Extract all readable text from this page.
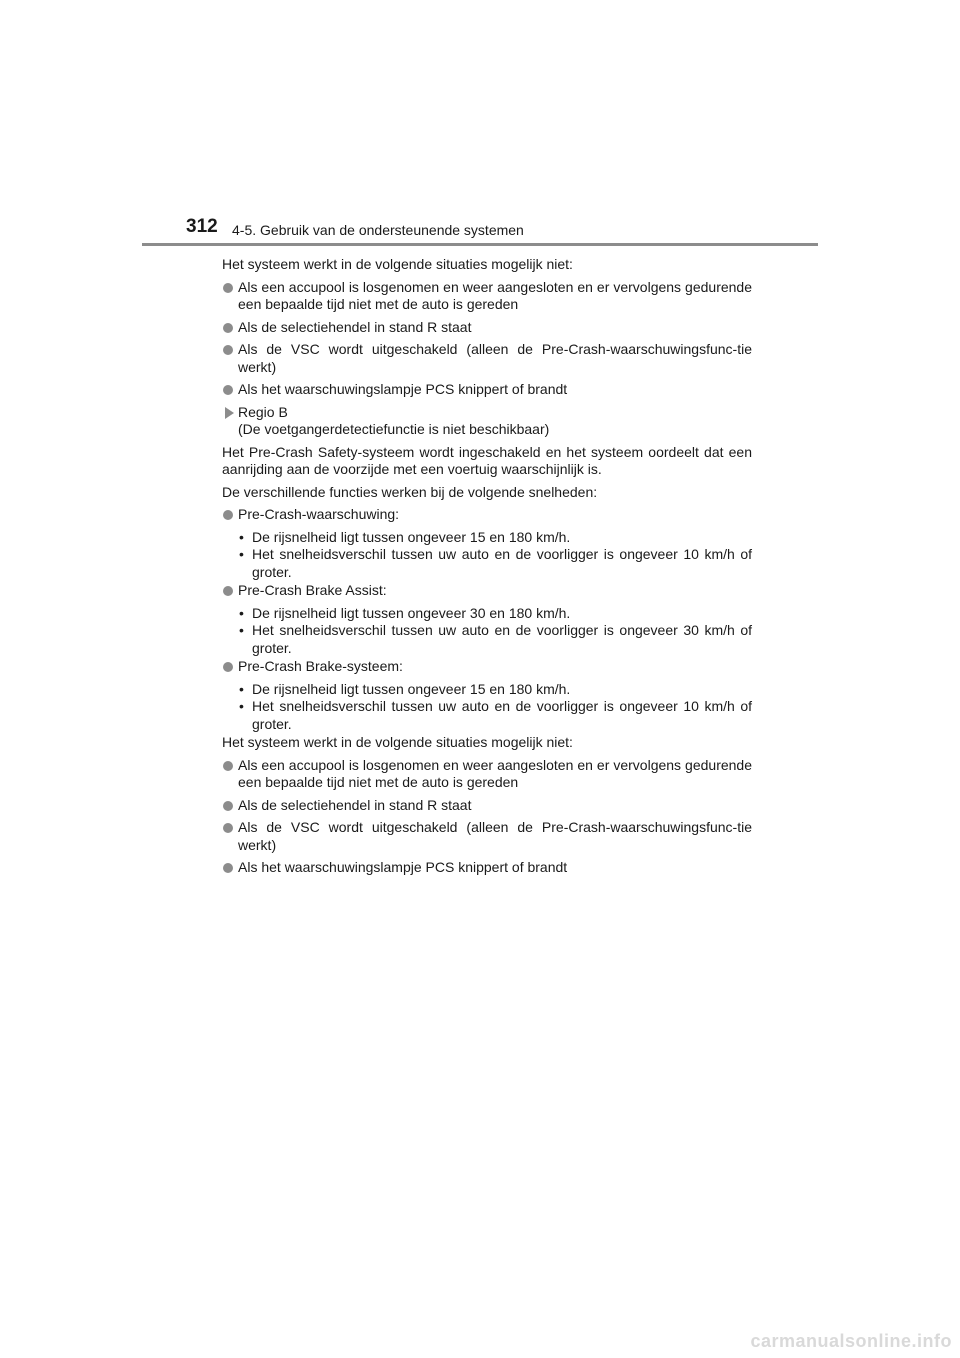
312 4-5. Gebruik van de ondersteunende systemen

Het systeem werkt in de volgende situaties mogelijk niet:

Als een accupool is losgenomen en weer aangesloten en er vervolgens gedurende een bepaalde tijd niet met de auto is gereden
Als de selectiehendel in stand R staat
Als de VSC wordt uitgeschakeld (alleen de Pre-Crash-waarschuwingsfunc-tie werkt)
Als het waarschuwingslampje PCS knippert of brandt
Regio B
(De voetgangerdetectiefunctie is niet beschikbaar)

Het Pre-Crash Safety-systeem wordt ingeschakeld en het systeem oordeelt dat een aanrijding aan de voorzijde met een voertuig waarschijnlijk is.

De verschillende functies werken bij de volgende snelheden:

Pre-Crash-waarschuwing:
• De rijsnelheid ligt tussen ongeveer 15 en 180 km/h.
• Het snelheidsverschil tussen uw auto en de voorligger is ongeveer 10 km/h of groter.
Pre-Crash Brake Assist:
• De rijsnelheid ligt tussen ongeveer 30 en 180 km/h.
• Het snelheidsverschil tussen uw auto en de voorligger is ongeveer 30 km/h of groter.
Pre-Crash Brake-systeem:
• De rijsnelheid ligt tussen ongeveer 15 en 180 km/h.
• Het snelheidsverschil tussen uw auto en de voorligger is ongeveer 10 km/h of groter.

Het systeem werkt in de volgende situaties mogelijk niet:

Als een accupool is losgenomen en weer aangesloten en er vervolgens gedurende een bepaalde tijd niet met de auto is gereden
Als de selectiehendel in stand R staat
Als de VSC wordt uitgeschakeld (alleen de Pre-Crash-waarschuwingsfunc-tie werkt)
Als het waarschuwingslampje PCS knippert of brandt
carmanualsonline.info
